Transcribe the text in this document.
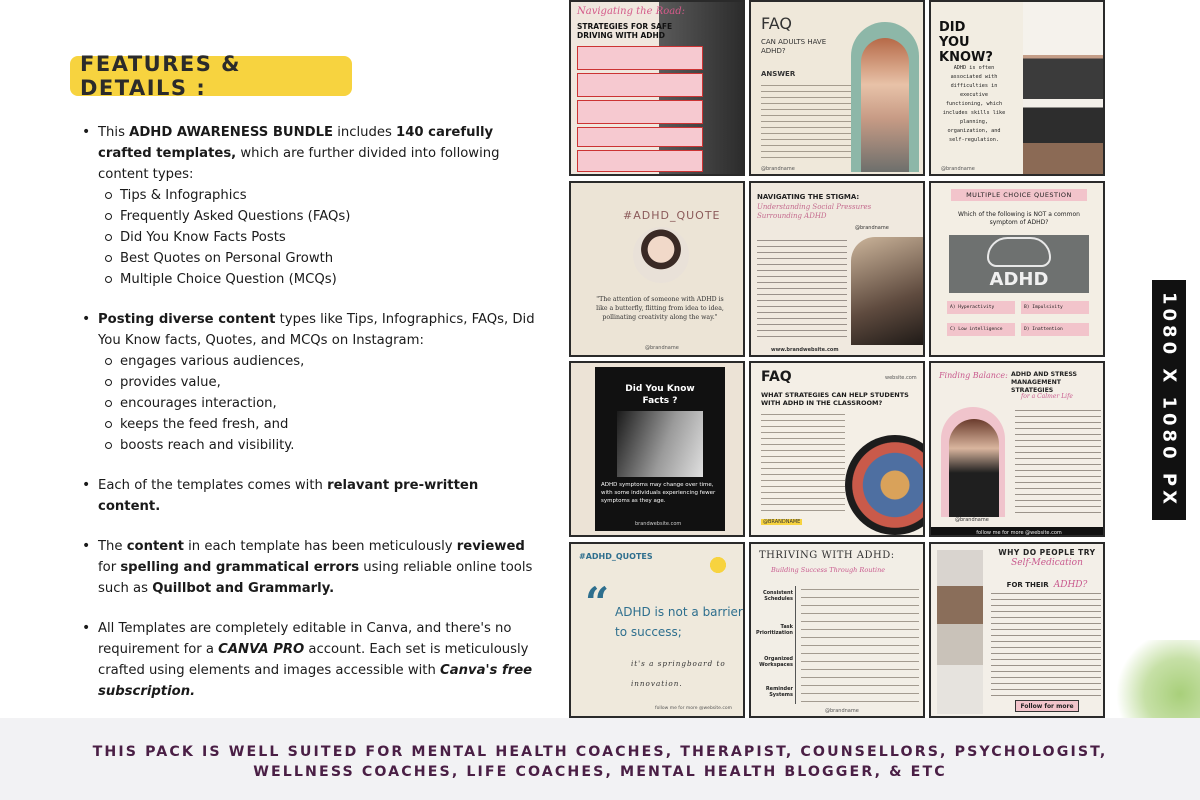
FEATURES & DETAILS :
• This ADHD AWARENESS BUNDLE includes 140 carefully crafted templates, which are further divided into following content types:
Tips & Infographics
Frequently Asked Questions (FAQs)
Did You Know Facts Posts
Best Quotes on Personal Growth
Multiple Choice Question (MCQs)
• Posting diverse content types like Tips, Infographics, FAQs, Did You Know facts, Quotes, and MCQs on Instagram:
engages various audiences,
provides value,
encourages interaction,
keeps the feed fresh, and
boosts reach and visibility.
• Each of the templates comes with relavant pre-written content.
• The content in each template has been meticulously reviewed for spelling and grammatical errors using reliable online tools such as Quillbot and Grammarly.
• All Templates are completely editable in Canva, and there's no requirement for a CANVA PRO account. Each set is meticulously crafted using elements and images accessible with Canva's free subscription.
Navigating the Road:
STRATEGIES FOR SAFE DRIVING WITH ADHD
FAQ
CAN ADULTS HAVE ADHD?
ANSWER
@brandname
DID YOU KNOW?
ADHD is often associated with difficulties in executive functioning, which includes skills like planning, organization, and self-regulation.
@brandname
#ADHD_QUOTE
"The attention of someone with ADHD is like a butterfly, flitting from idea to idea, pollinating creativity along the way."
@brandname
NAVIGATING THE STIGMA:
Understanding Social Pressures Surrounding ADHD
@brandname
www.brandwebsite.com
MULTIPLE CHOICE QUESTION
Which of the following is NOT a common symptom of ADHD?
ADHD
A) Hyperactivity	B) Impulsivity
C) Low intelligence	D) Inattention
Did You Know Facts ?
ADHD symptoms may change over time, with some individuals experiencing fewer symptoms as they age.
brandwebsite.com
FAQ	website.com
WHAT STRATEGIES CAN HELP STUDENTS WITH ADHD IN THE CLASSROOM?
@BRANDNAME
Finding Balance: ADHD AND STRESS MANAGEMENT STRATEGIES
for a Calmer Life
@brandname
follow me for more @website.com
#ADHD_QUOTES
“ ADHD is not a barrier to success;
it's a springboard to innovation.
follow me for more @website.com
THRIVING WITH ADHD:
Building Success Through Routine
Consistent Schedules
Task Prioritization
Organized Workspaces
Reminder Systems
@brandname
WHY DO PEOPLE TRY
Self-Medication
FOR THEIR ADHD?
Follow for more
1080 X 1080 PX
THIS PACK IS WELL SUITED FOR MENTAL HEALTH COACHES, THERAPIST, COUNSELLORS, PSYCHOLOGIST,
WELLNESS COACHES, LIFE COACHES, MENTAL HEALTH BLOGGER, & ETC
